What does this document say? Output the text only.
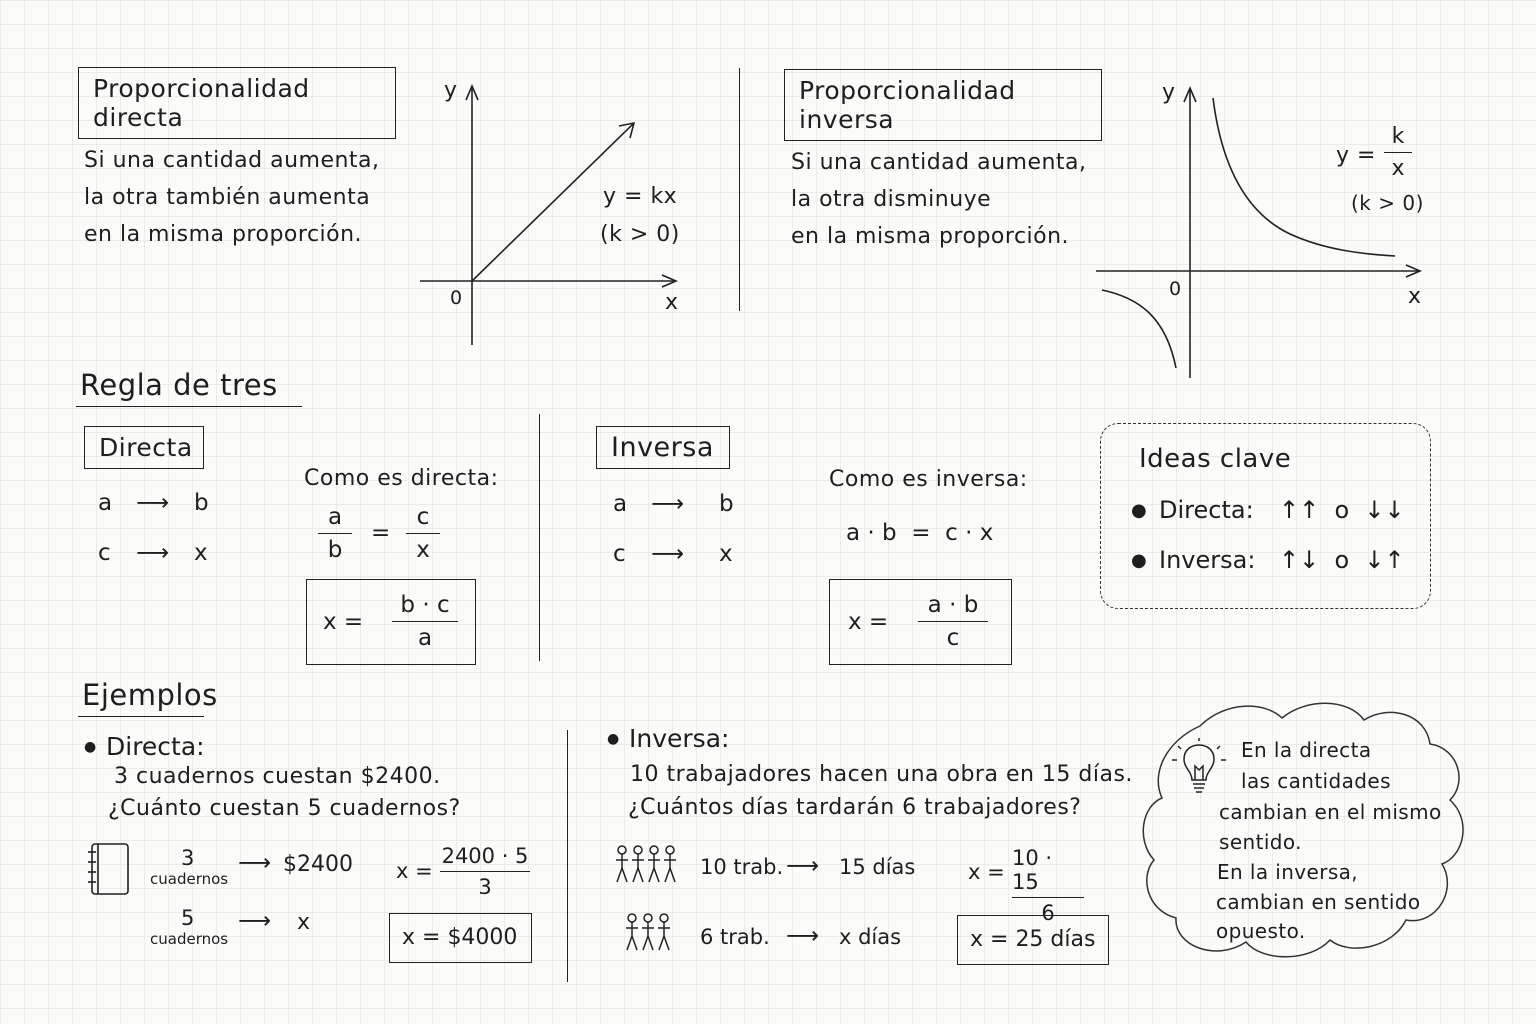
Proporcionalidad directa
Si una cantidad aumenta,
la otra también aumenta
en la misma proporción.
y
x
0
y = kx
(k > 0)
Proporcionalidad inversa
Si una cantidad aumenta,
la otra disminuye
en la misma proporción.
y
x
0
y =
k
x
(k > 0)
Regla de tres
Directa
a	⟶	b
c	⟶	x
Como es directa:
a
b
=
c
x
x =
b · c
a
Inversa
a	⟶	b
c	⟶	x
Como es inversa:
a · b  =  c · x
x =
a · b
c
Ideas clave
● Directa:	↑↑  o  ↓↓
● Inversa: ↑↓  o  ↓↑
Ejemplos
● Directa:
3 cuadernos cuestan $2400.
¿Cuánto cuestan 5 cuadernos?
3
cuadernos
⟶ $2400
5
cuadernos
⟶ x
x =
2400 · 5
3
x = $4000
● Inversa:
10 trabajadores hacen una obra en 15 días.
¿Cuántos días tardarán 6 trabajadores?
10 trab. ⟶ 15 días
6 trab. ⟶ x días
x =
10 · 15
6
x = 25 días
En la directa
las cantidades
cambian en el mismo
sentido.
En la inversa,
cambian en sentido
opuesto.
